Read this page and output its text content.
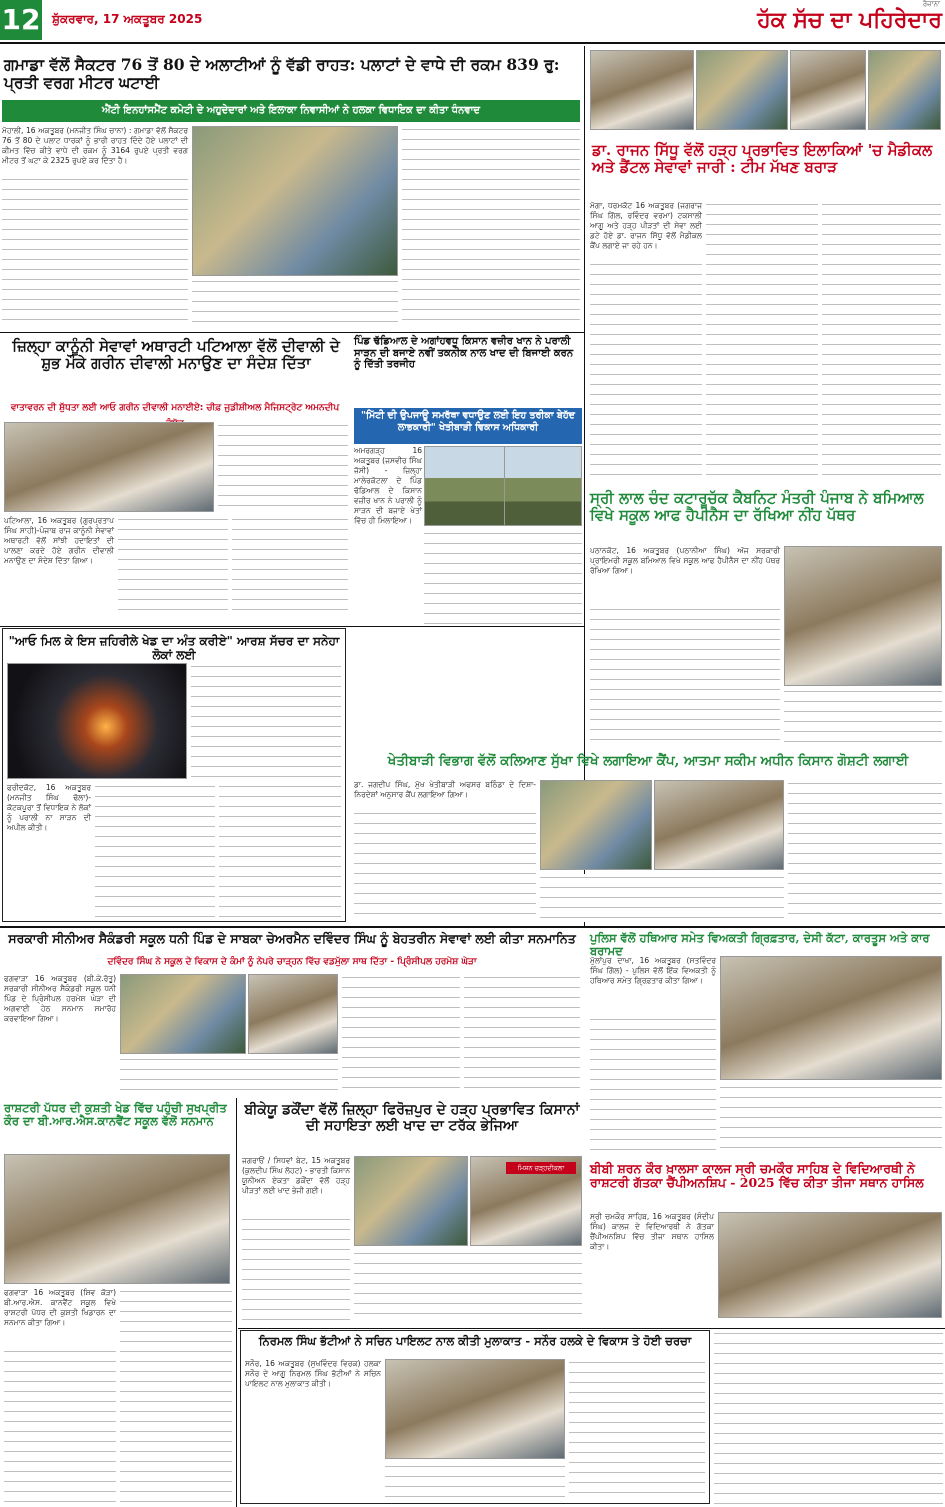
12 ਸ਼ੁੱਕਰਵਾਰ, 17 ਅਕਤੂਬਰ 2025
ਰੋਜ਼ਾਨਾ
ਹੱਕ ਸੱਚ ਦਾ ਪਹਿਰੇਦਾਰ
ਗਮਾਡਾ ਵੱਲੋਂ ਸੈਕਟਰ 76 ਤੋਂ 80 ਦੇ ਅਲਾਟੀਆਂ ਨੂੰ ਵੱਡੀ ਰਾਹਤ: ਪਲਾਟਾਂ ਦੇ ਵਾਧੇ ਦੀ ਰਕਮ 839 ਰੁ: ਪ੍ਰਤੀ ਵਰਗ ਮੀਟਰ ਘਟਾਈ
ਐਂਟੀ ਇਨਹਾਂਸਮੈਂਟ ਕਮੇਟੀ ਦੇ ਅਹੁਦੇਦਾਰਾਂ ਅਤੇ ਇਲਾਕਾ ਨਿਵਾਸੀਆਂ ਨੇ ਹਲਕਾ ਵਿਧਾਇਕ ਦਾ ਕੀਤਾ ਧੰਨਵਾਦ
ਮੋਹਾਲੀ, 16 ਅਕਤੂਬਰ (ਮਨਜੀਤ ਸਿੰਘ ਚਾਨਾ) : ਗਮਾਡਾ ਵੱਲੋਂ ਸੈਕਟਰ 76 ਤੋਂ 80 ਦੇ ਪਲਾਟ ਧਾਰਕਾਂ ਨੂੰ ਭਾਰੀ ਰਾਹਤ ਦਿੰਦੇ ਹੋਏ ਪਲਾਟਾਂ ਦੀ ਕੀਮਤ ਵਿੱਚ ਕੀਤੇ ਵਾਧੇ ਦੀ ਰਕਮ ਨੂੰ 3164 ਰੁਪਏ ਪ੍ਰਤੀ ਵਰਗ ਮੀਟਰ ਤੋਂ ਘਟਾ ਕੇ 2325 ਰੁਪਏ ਕਰ ਦਿੱਤਾ ਹੈ।
ਡਾ. ਰਾਜਨ ਸਿੱਧੂ ਵੱਲੋਂ ਹੜ੍ਹ ਪ੍ਰਭਾਵਿਤ ਇਲਾਕਿਆਂ 'ਚ ਮੈਡੀਕਲ ਅਤੇ ਡੈਂਟਲ ਸੇਵਾਵਾਂ ਜਾਰੀ : ਟੀਮ ਮੱਖਣ ਬਰਾੜ
ਮੋਗਾ, ਧਰਮਕੋਟ 16 ਅਕਤੂਬਰ (ਜਗਰਾਜ ਸਿੰਘ ਗਿੱਲ, ਰਵਿੰਦਰ ਵਰਮਾ) ਟਕਸਾਲੀ ਆਗੂ ਅਤੇ ਹੜ੍ਹ ਪੀੜਤਾਂ ਦੀ ਸੇਵਾ ਲਈ ਡਟੇ ਹੋਏ ਡਾ. ਰਾਜਨ ਸਿੱਧੂ ਵੱਲੋਂ ਮੈਡੀਕਲ ਕੈਂਪ ਲਗਾਏ ਜਾ ਰਹੇ ਹਨ।
ਜ਼ਿਲ੍ਹਾ ਕਾਨੂੰਨੀ ਸੇਵਾਵਾਂ ਅਥਾਰਟੀ ਪਟਿਆਲਾ ਵੱਲੋਂ ਦੀਵਾਲੀ ਦੇ ਸ਼ੁਭ ਮੌਕੇ ਗਰੀਨ ਦੀਵਾਲੀ ਮਨਾਉਣ ਦਾ ਸੰਦੇਸ਼ ਦਿੱਤਾ
ਵਾਤਾਵਰਨ ਦੀ ਸ਼ੁੱਧਤਾ ਲਈ ਆਓ ਗਰੀਨ ਦੀਵਾਲੀ ਮਨਾਈਏ: ਚੀਫ਼ ਜੁਡੀਸ਼ੀਅਲ ਮੈਜਿਸਟ੍ਰੇਟ ਅਮਨਦੀਪ
ਪਟਿਆਲਾ, 16 ਅਕਤੂਬਰ (ਗੁਰਪ੍ਰਤਾਪ ਸਿੰਘ ਸਾਹੀ)-ਪੰਜਾਬ ਰਾਜ ਕਾਨੂੰਨੀ ਸੇਵਾਵਾਂ ਅਥਾਰਟੀ ਵੱਲੋਂ ਸਾਂਝੀ ਹਦਾਇਤਾਂ ਦੀ ਪਾਲਣਾ ਕਰਦੇ ਹੋਏ ਗਰੀਨ ਦੀਵਾਲੀ ਮਨਾਉਣ ਦਾ ਸੰਦੇਸ਼ ਦਿੱਤਾ ਗਿਆ।
ਪਿੰਡ ਢੱਡਿਆਲ ਦੇ ਅਗਾਂਹਵਧੂ ਕਿਸਾਨ ਵਜ਼ੀਰ ਖਾਨ ਨੇ ਪਰਾਲੀ ਸਾੜਨ ਦੀ ਬਜਾਏ ਨਵੀਂ ਤਕਨੀਕ ਨਾਲ ਖਾਦ ਦੀ ਬਿਜਾਈ ਕਰਨ ਨੂੰ ਦਿੱਤੀ ਤਰਜੀਹ
"ਮਿੱਟੀ ਦੀ ਉਪਜਾਊ ਸਮਰੱਥਾ ਵਧਾਉਣ ਲਈ ਇਹ ਤਰੀਕਾ ਬੇਹੱਦ ਲਾਭਕਾਰੀ" ਖੇਤੀਬਾੜੀ ਵਿਕਾਸ ਅਧਿਕਾਰੀ
ਅਮਰਗੜ੍ਹ 16 ਅਕਤੂਬਰ (ਜਸਵੀਰ ਸਿੰਘ ਜੱਸੀ) - ਜ਼ਿਲ੍ਹਾ ਮਾਲੇਰਕੋਟਲਾ ਦੇ ਪਿੰਡ ਢੱਡਿਆਲ ਦੇ ਕਿਸਾਨ ਵਜ਼ੀਰ ਖਾਨ ਨੇ ਪਰਾਲੀ ਨੂੰ ਸਾੜਨ ਦੀ ਬਜਾਏ ਖੇਤਾਂ ਵਿੱਚ ਹੀ ਮਿਲਾਇਆ।
ਸ੍ਰੀ ਲਾਲ ਚੰਦ ਕਟਾਰੂਚੱਕ ਕੈਬਨਿਟ ਮੰਤਰੀ ਪੰਜਾਬ ਨੇ ਬਮਿਆਲ ਵਿਖੇ ਸਕੂਲ ਆਫ ਹੈਪੀਨੈਸ ਦਾ ਰੱਖਿਆ ਨੀਂਹ ਪੱਥਰ
ਪਠਾਨਕੋਟ, 16 ਅਕਤੂਬਰ (ਪਠਾਨੀਆ ਸਿੰਘ) ਅੱਜ ਸਰਕਾਰੀ ਪ੍ਰਾਇਮਰੀ ਸਕੂਲ ਬਮਿਆਲ ਵਿਖੇ ਸਕੂਲ ਆਫ ਹੈਪੀਨੈਸ ਦਾ ਨੀਂਹ ਪੱਥਰ ਰੱਖਿਆ ਗਿਆ।
"ਆਓ ਮਿਲ ਕੇ ਇਸ ਜ਼ਹਿਰੀਲੇ ਖੇਡ ਦਾ ਅੰਤ ਕਰੀਏ" ਆਰਸ਼ ਸੱਚਰ ਦਾ ਸਨੇਹਾ ਲੋਕਾਂ ਲਈ
ਫਰੀਦਕੋਟ, 16 ਅਕਤੂਬਰ (ਮਨਜੀਤ ਸਿੰਘ ਢੱਲਾ)-ਕੋਟਕਪੂਰਾ ਤੋਂ ਵਿਧਾਇਕ ਨੇ ਲੋਕਾਂ ਨੂੰ ਪਰਾਲੀ ਨਾ ਸਾੜਨ ਦੀ ਅਪੀਲ ਕੀਤੀ।
ਖੇਤੀਬਾੜੀ ਵਿਭਾਗ ਵੱਲੋਂ ਕਲਿਆਣ ਸੁੱਖਾ ਵਿਖੇ ਲਗਾਇਆ ਕੈਂਪ, ਆਤਮਾ ਸਕੀਮ ਅਧੀਨ ਕਿਸਾਨ ਗੋਸ਼ਟੀ ਲਗਾਈ
ਡਾ. ਜਗਦੀਪ ਸਿੰਘ, ਮੁੱਖ ਖੇਤੀਬਾੜੀ ਅਫਸਰ ਬਠਿੰਡਾ ਦੇ ਦਿਸ਼ਾ-ਨਿਰਦੇਸ਼ਾਂ ਅਨੁਸਾਰ ਕੈਂਪ ਲਗਾਇਆ ਗਿਆ।
ਸਰਕਾਰੀ ਸੀਨੀਅਰ ਸੈਕੰਡਰੀ ਸਕੂਲ ਧਨੀ ਪਿੰਡ ਦੇ ਸਾਬਕਾ ਚੇਅਰਮੈਨ ਦਵਿੰਦਰ ਸਿੰਘ ਨੂੰ ਬੇਹਤਰੀਨ ਸੇਵਾਵਾਂ ਲਈ ਕੀਤਾ ਸਨਮਾਨਿਤ
ਦਵਿੰਦਰ ਸਿੰਘ ਨੇ ਸਕੂਲ ਦੇ ਵਿਕਾਸ ਦੇ ਕੰਮਾਂ ਨੂੰ ਨੇਪਰੇ ਚਾੜ੍ਹਨ ਵਿੱਚ ਵਡਮੁੱਲਾ ਸਾਥ ਦਿੱਤਾ - ਪ੍ਰਿੰਸੀਪਲ ਹਰਮੇਸ਼ ਘੇੜਾ
ਫਗਵਾੜਾ 16 ਅਕਤੂਬਰ (ਬੀ.ਕੇ.ਰੱਤੂ) ਸਰਕਾਰੀ ਸੀਨੀਅਰ ਸੈਕੰਡਰੀ ਸਕੂਲ ਧਨੀ ਪਿੰਡ ਦੇ ਪ੍ਰਿੰਸੀਪਲ ਹਰਮੇਸ਼ ਘੇੜਾ ਦੀ ਅਗਵਾਈ ਹੇਠ ਸਨਮਾਨ ਸਮਾਰੋਹ ਕਰਵਾਇਆ ਗਿਆ।
ਪੁਲਿਸ ਵੱਲੋਂ ਹਥਿਆਰ ਸਮੇਤ ਵਿਅਕਤੀ ਗ੍ਰਿਫ਼ਤਾਰ, ਦੇਸੀ ਕੱਟਾ, ਕਾਰਤੂਸ ਅਤੇ ਕਾਰ ਬਰਾਮਦ
ਮੁੱਲਾਂਪੁਰ ਦਾਖਾ, 16 ਅਕਤੂਬਰ (ਸਤਵਿੰਦਰ ਸਿੰਘ ਗਿੱਲ) - ਪੁਲਿਸ ਵੱਲੋਂ ਇੱਕ ਵਿਅਕਤੀ ਨੂੰ ਹਥਿਆਰ ਸਮੇਤ ਗ੍ਰਿਫ਼ਤਾਰ ਕੀਤਾ ਗਿਆ।
ਰਾਸ਼ਟਰੀ ਪੱਧਰ ਦੀ ਕੁਸ਼ਤੀ ਖੇਡ ਵਿੱਚ ਪਹੁੰਚੀ ਸੁਖਪ੍ਰੀਤ ਕੌਰ ਦਾ ਬੀ.ਆਰ.ਐਸ.ਕਾਨਵੈਂਟ ਸਕੂਲ ਵੱਲੋਂ ਸਨਮਾਨ
ਫਗਵਾੜਾ 16 ਅਕਤੂਬਰ (ਸ਼ਿਵ ਕੋੜਾ) ਬੀ.ਆਰ.ਐਸ. ਕਾਨਵੈਂਟ ਸਕੂਲ ਵਿਖੇ ਰਾਸ਼ਟਰੀ ਪੱਧਰ ਦੀ ਕੁਸ਼ਤੀ ਖਿਡਾਰਨ ਦਾ ਸਨਮਾਨ ਕੀਤਾ ਗਿਆ।
ਬੀਕੇਯੂ ਡਕੌਂਦਾ ਵੱਲੋਂ ਜ਼ਿਲ੍ਹਾ ਫਿਰੋਜ਼ਪੁਰ ਦੇ ਹੜ੍ਹ ਪ੍ਰਭਾਵਿਤ ਕਿਸਾਨਾਂ ਦੀ ਸਹਾਇਤਾ ਲਈ ਖਾਦ ਦਾ ਟਰੱਕ ਭੇਜਿਆ
ਜਗਰਾਓਂ / ਸਿਧਵਾਂ ਬੇਟ, 15 ਅਕਤੂਬਰ (ਕੁਲਦੀਪ ਸਿੰਘ ਲੋਹਟ) - ਭਾਰਤੀ ਕਿਸਾਨ ਯੂਨੀਅਨ ਏਕਤਾ ਡਕੌਂਦਾ ਵੱਲੋਂ ਹੜ੍ਹ ਪੀੜਤਾਂ ਲਈ ਖਾਦ ਭੇਜੀ ਗਈ।
ਮਿਸ਼ਨ ਚੜ੍ਹਦੀਕਲਾ	ਬੀਬੀ ਸ਼ਰਨ ਕੌਰ ਖ਼ਾਲਸਾ ਕਾਲਜ ਸ੍ਰੀ ਚਮਕੌਰ ਸਾਹਿਬ ਦੇ ਵਿਦਿਆਰਥੀ ਨੇ ਰਾਸ਼ਟਰੀ ਗੱਤਕਾ ਚੈਂਪੀਅਨਸ਼ਿਪ - 2025 ਵਿੱਚ ਕੀਤਾ ਤੀਜਾ ਸਥਾਨ ਹਾਸਿਲ
ਸ੍ਰੀ ਚਮਕੌਰ ਸਾਹਿਬ, 16 ਅਕਤੂਬਰ (ਸੰਦੀਪ ਸਿੰਘ) ਕਾਲਜ ਦੇ ਵਿਦਿਆਰਥੀ ਨੇ ਗੱਤਕਾ ਚੈਂਪੀਅਨਸ਼ਿਪ ਵਿੱਚ ਤੀਜਾ ਸਥਾਨ ਹਾਸਿਲ ਕੀਤਾ।
ਨਿਰਮਲ ਸਿੰਘ ਭੱਟੀਆਂ ਨੇ ਸਚਿਨ ਪਾਇਲਟ ਨਾਲ ਕੀਤੀ ਮੁਲਾਕਾਤ - ਸਨੌਰ ਹਲਕੇ ਦੇ ਵਿਕਾਸ ਤੇ ਹੋਈ ਚਰਚਾ
ਸਨੌਰ, 16 ਅਕਤੂਬਰ (ਸੁਖਵਿੰਦਰ ਵਿਰਕ) ਹਲਕਾ ਸਨੌਰ ਦੇ ਆਗੂ ਨਿਰਮਲ ਸਿੰਘ ਭੱਟੀਆਂ ਨੇ ਸਚਿਨ ਪਾਇਲਟ ਨਾਲ ਮੁਲਾਕਾਤ ਕੀਤੀ।
